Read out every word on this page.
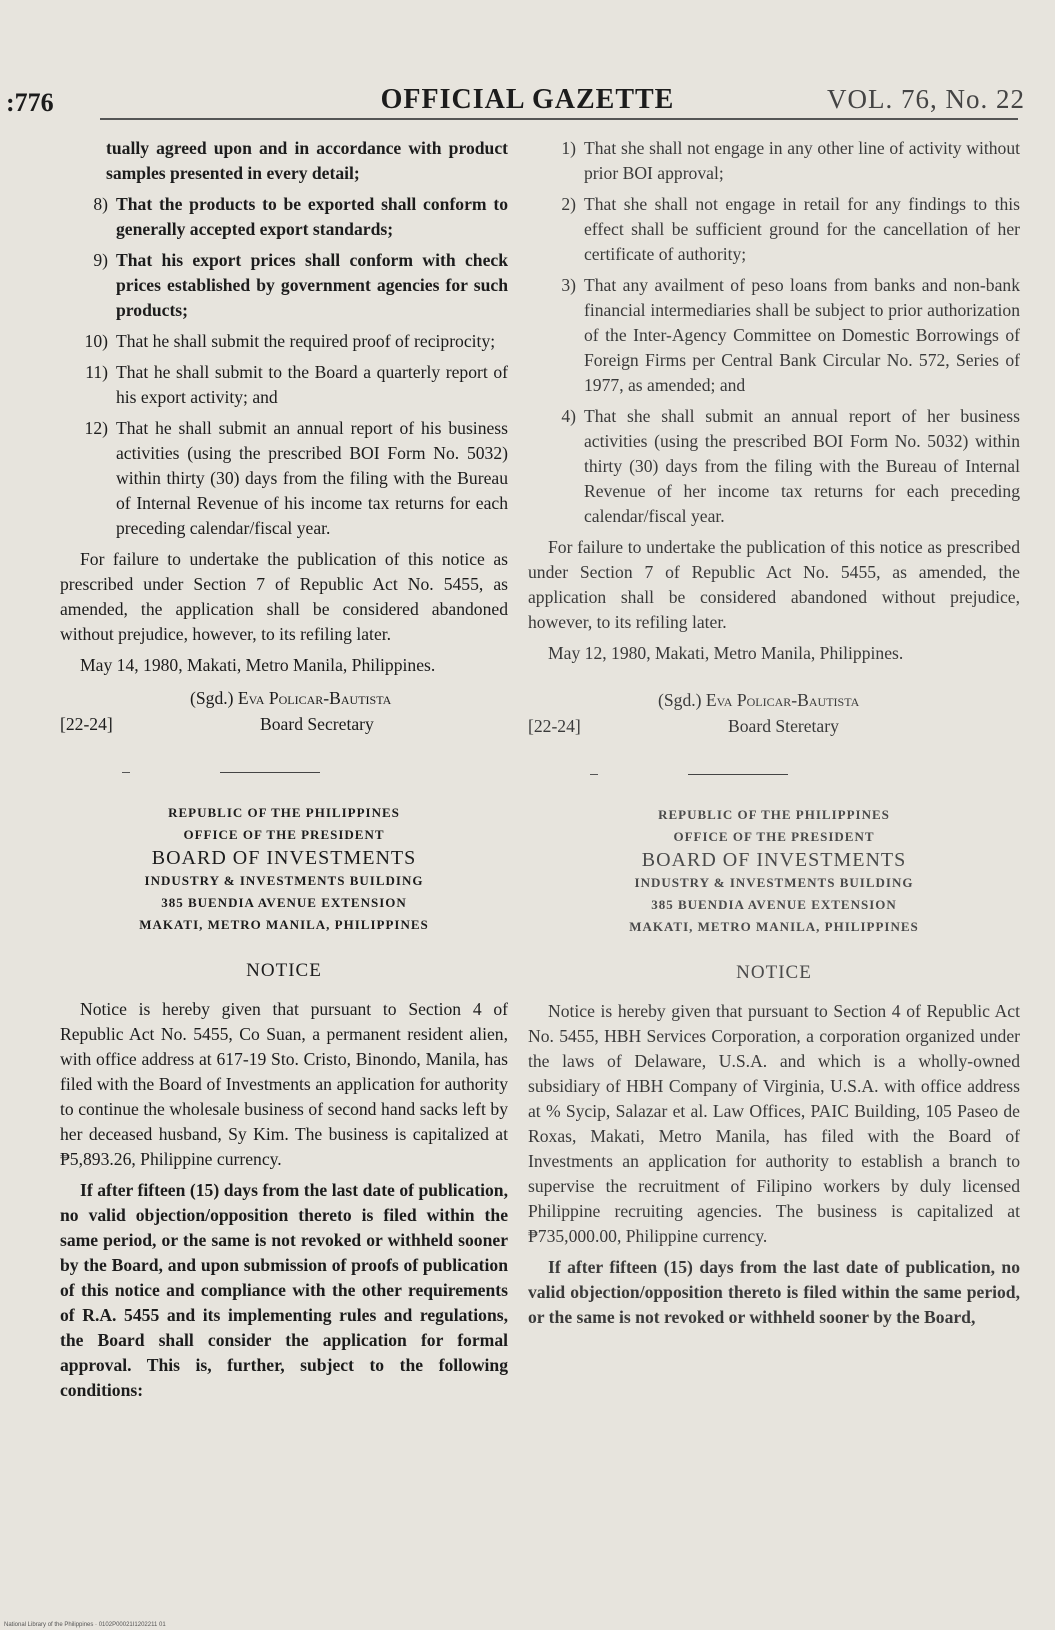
:776	OFFICIAL GAZETTE	VOL. 76, No. 22

tually agreed upon and in accordance with product samples presented in every detail;

8) That the products to be exported shall conform to generally accepted export standards;
9) That his export prices shall conform with check prices established by government agencies for such products;
10) That he shall submit the required proof of reciprocity;
11) That he shall submit to the Board a quarterly report of his export activity; and
12) That he shall submit an annual report of his business activities (using the prescribed BOI Form No. 5032) within thirty (30) days from the filing with the Bureau of Internal Revenue of his income tax returns for each preceding calendar/fiscal year.

For failure to undertake the publication of this notice as prescribed under Section 7 of Republic Act No. 5455, as amended, the application shall be considered abandoned without prejudice, however, to its refiling later.

May 14, 1980, Makati, Metro Manila, Philippines.

(Sgd.) Eva Policar-Bautista
[22-24]	Board Secretary
REPUBLIC OF THE PHILIPPINES
OFFICE OF THE PRESIDENT
BOARD OF INVESTMENTS
INDUSTRY & INVESTMENTS BUILDING
385 BUENDIA AVENUE EXTENSION
MAKATI, METRO MANILA, PHILIPPINES
NOTICE

Notice is hereby given that pursuant to Section 4 of Republic Act No. 5455, Co Suan, a permanent resident alien, with office address at 617-19 Sto. Cristo, Binondo, Manila, has filed with the Board of Investments an application for authority to continue the wholesale business of second hand sacks left by her deceased husband, Sy Kim. The business is capitalized at ₱5,893.26, Philippine currency.

If after fifteen (15) days from the last date of publication, no valid objection/opposition thereto is filed within the same period, or the same is not revoked or withheld sooner by the Board, and upon submission of proofs of publication of this notice and compliance with the other requirements of R.A. 5455 and its implementing rules and regulations, the Board shall consider the application for formal approval. This is, further, subject to the following conditions:

1) That she shall not engage in any other line of activity without prior BOI approval;
2) That she shall not engage in retail for any findings to this effect shall be sufficient ground for the cancellation of her certificate of authority;
3) That any availment of peso loans from banks and non-bank financial intermediaries shall be subject to prior authorization of the Inter-Agency Committee on Domestic Borrowings of Foreign Firms per Central Bank Circular No. 572, Series of 1977, as amended; and
4) That she shall submit an annual report of her business activities (using the prescribed BOI Form No. 5032) within thirty (30) days from the filing with the Bureau of Internal Revenue of her income tax returns for each preceding calendar/fiscal year.

For failure to undertake the publication of this notice as prescribed under Section 7 of Republic Act No. 5455, as amended, the application shall be considered abandoned without prejudice, however, to its refiling later.

May 12, 1980, Makati, Metro Manila, Philippines.

(Sgd.) Eva Policar-Bautista
[22-24]	Board Steretary
REPUBLIC OF THE PHILIPPINES
OFFICE OF THE PRESIDENT
BOARD OF INVESTMENTS
INDUSTRY & INVESTMENTS BUILDING
385 BUENDIA AVENUE EXTENSION
MAKATI, METRO MANILA, PHILIPPINES
NOTICE

Notice is hereby given that pursuant to Section 4 of Republic Act No. 5455, HBH Services Corporation, a corporation organized under the laws of Delaware, U.S.A. and which is a wholly-owned subsidiary of HBH Company of Virginia, U.S.A. with office address at % Sycip, Salazar et al. Law Offices, PAIC Building, 105 Paseo de Roxas, Makati, Metro Manila, has filed with the Board of Investments an application for authority to establish a branch to supervise the recruitment of Filipino workers by duly licensed Philippine recruiting agencies. The business is capitalized at ₱735,000.00, Philippine currency.

If after fifteen (15) days from the last date of publication, no valid objection/opposition thereto is filed within the same period, or the same is not revoked or withheld sooner by the Board,

National Library of the Philippines · 0102P00021I1202211 01
